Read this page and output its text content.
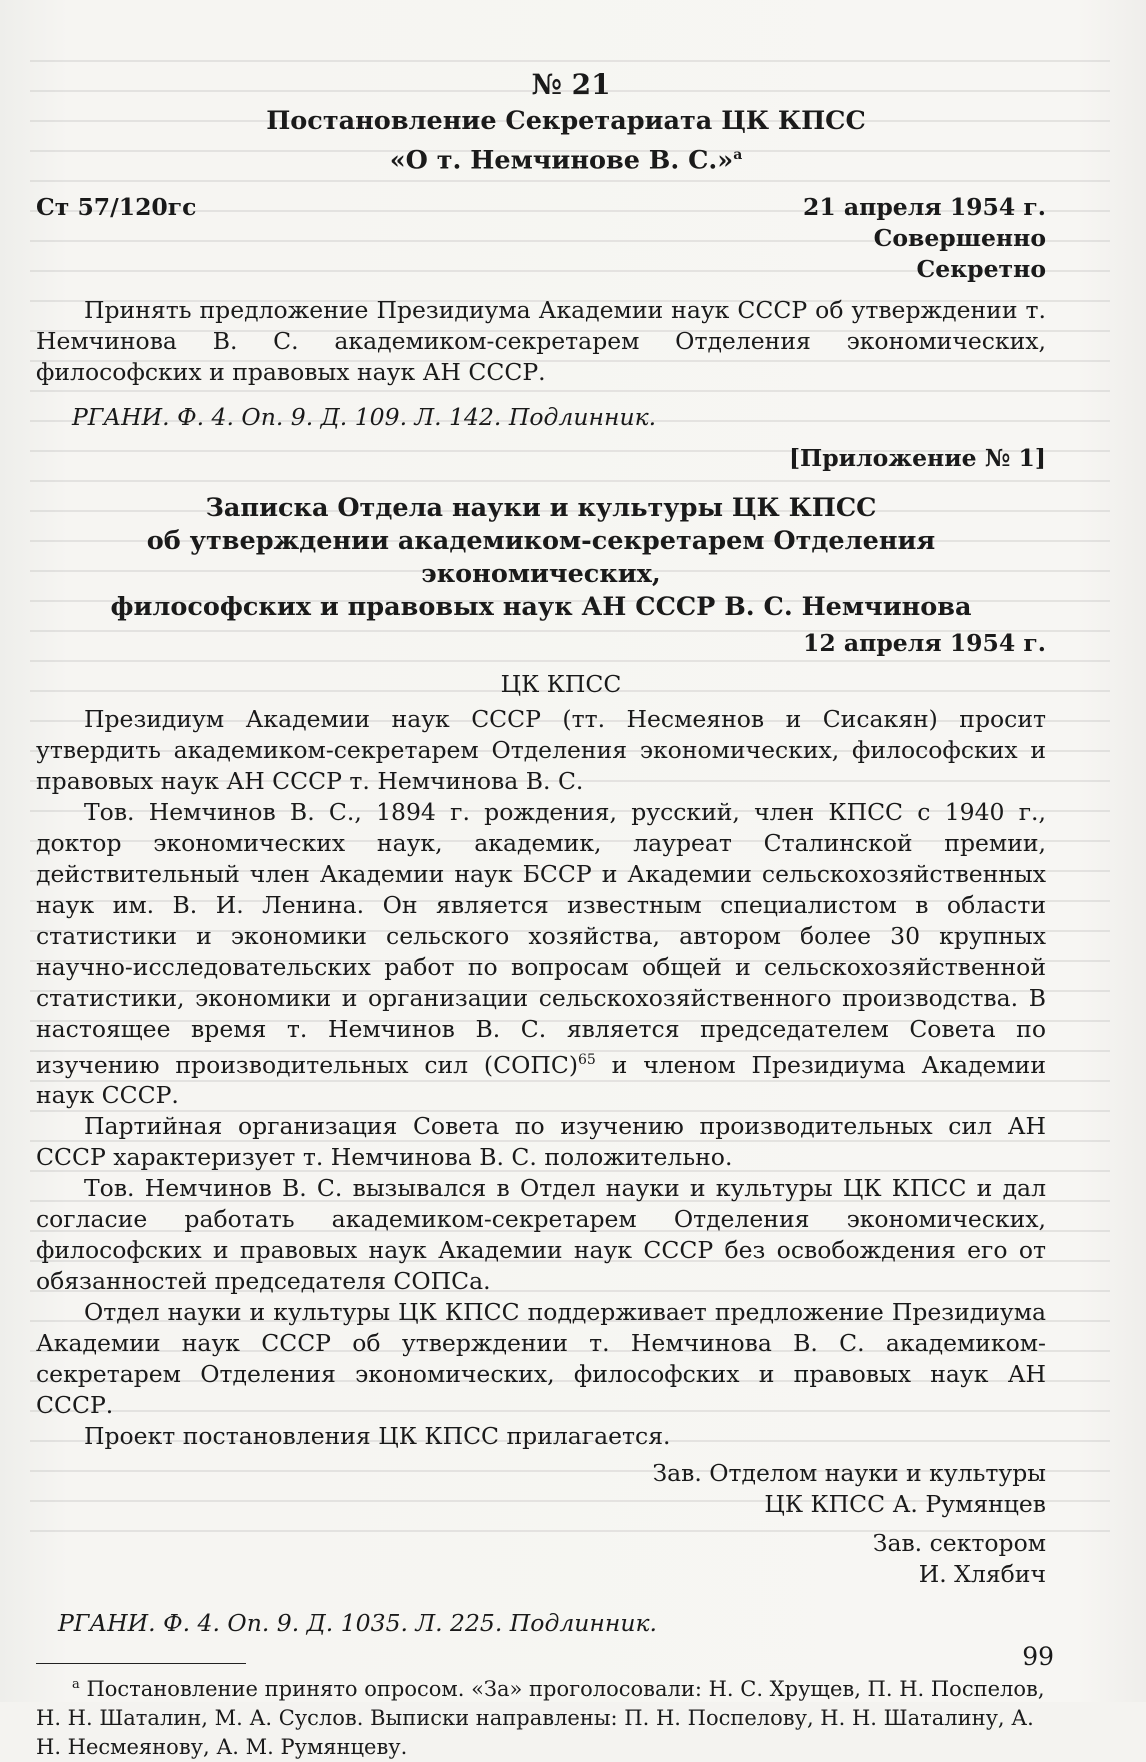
№ 21
Постановление Секретариата ЦК КПСС
«О т. Немчинове В. С.»$^а$
Ст 57/120гс	21 апреля 1954 г.
Совершенно
Секретно

Принять предложение Президиума Академии наук СССР об утверждении т. Немчинова В. С. академиком-секретарем Отделения экономических, философских и правовых наук АН СССР.

РГАНИ. Ф. 4. Оп. 9. Д. 109. Л. 142. Подлинник.
[Приложение № 1]
Записка Отдела науки и культуры ЦК КПСС
об утверждении академиком-секретарем Отделения экономических,
философских и правовых наук АН СССР В. С. Немчинова
12 апреля 1954 г.
ЦК КПСС

Президиум Академии наук СССР (тт. Несмеянов и Сисакян) просит утвердить академиком-секретарем Отделения экономических, философских и правовых наук АН СССР т. Немчинова В. С.

Тов. Немчинов В. С., 1894 г. рождения, русский, член КПСС с 1940 г., доктор экономических наук, академик, лауреат Сталинской премии, действительный член Академии наук БССР и Академии сельскохозяйственных наук им. В. И. Ленина. Он является известным специалистом в области статистики и экономики сельского хозяйства, автором более 30 крупных научно-исследовательских работ по вопросам общей и сельскохозяйственной статистики, экономики и организации сельскохозяйственного производства. В настоящее время т. Немчинов В. С. является председателем Совета по изучению производительных сил (СОПС)$^{65}$ и членом Президиума Академии наук СССР.

Партийная организация Совета по изучению производительных сил АН СССР характеризует т. Немчинова В. С. положительно.

Тов. Немчинов В. С. вызывался в Отдел науки и культуры ЦК КПСС и дал согласие работать академиком-секретарем Отделения экономических, философских и правовых наук Академии наук СССР без освобождения его от обязанностей председателя СОПСа.

Отдел науки и культуры ЦК КПСС поддерживает предложение Президиума Академии наук СССР об утверждении т. Немчинова В. С. академиком-секретарем Отделения экономических, философских и правовых наук АН СССР.

Проект постановления ЦК КПСС прилагается.

Зав. Отделом науки и культуры
ЦК КПСС А. Румянцев
Зав. сектором
И. Хлябич
РГАНИ. Ф. 4. Оп. 9. Д. 1035. Л. 225. Подлинник.
$^а$ Постановление принято опросом. «За» проголосовали: Н. С. Хрущев, П. Н. Поспелов, Н. Н. Шаталин, М. А. Суслов. Выписки направлены: П. Н. Поспелову, Н. Н. Шаталину, А. Н. Несмеянову, А. М. Румянцеву.
99
